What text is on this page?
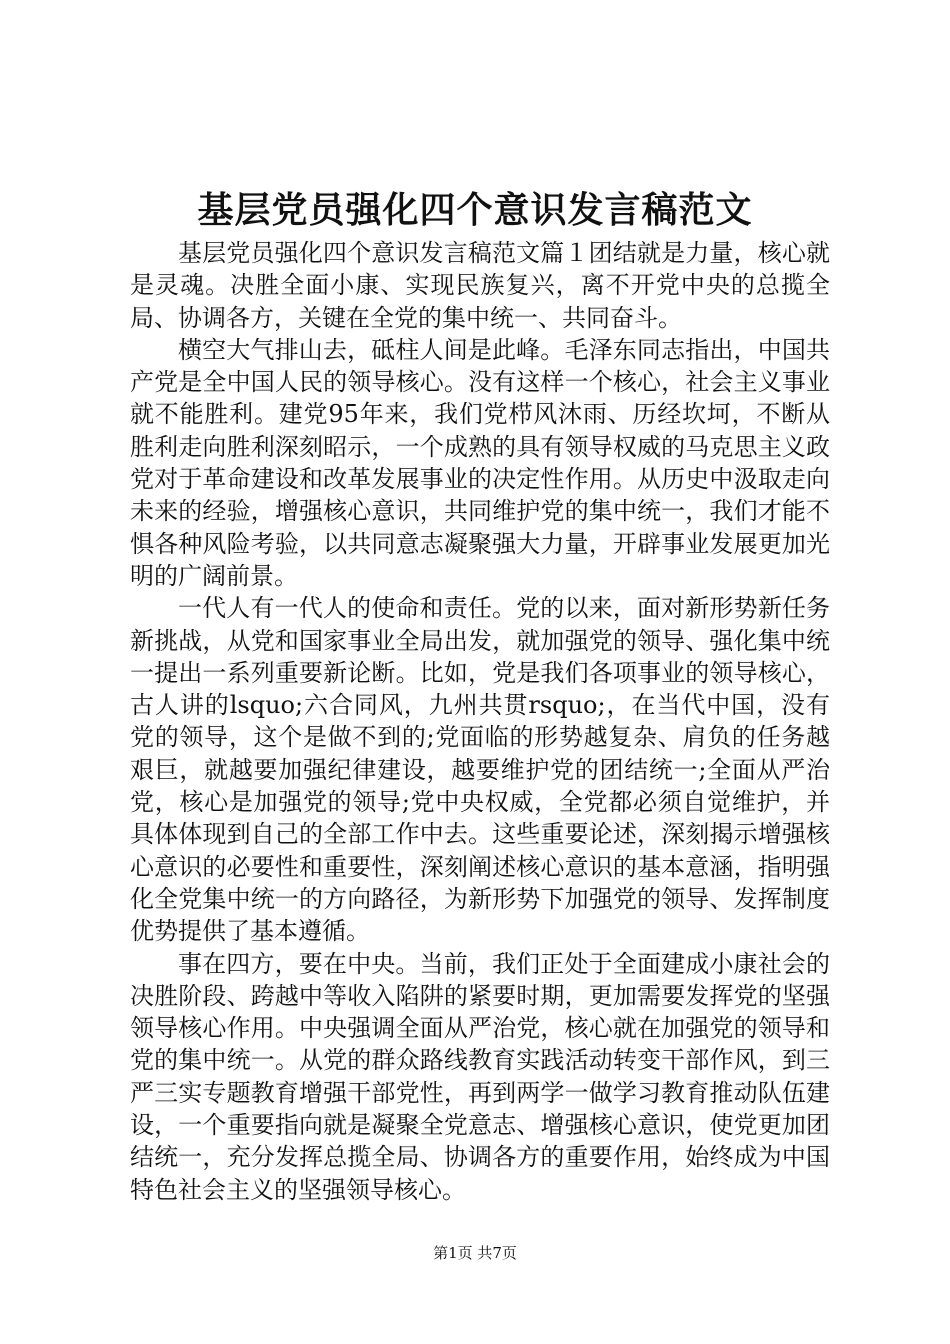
基层党员强化四个意识发言稿范文

基层党员强化四个意识发言稿范文篇１团结就是力量，核心就是灵魂。决胜全面小康、实现民族复兴，离不开党中央的总揽全局、协调各方，关键在全党的集中统一、共同奋斗。

横空大气排山去，砥柱人间是此峰。毛泽东同志指出，中国共产党是全中国人民的领导核心。没有这样一个核心，社会主义事业就不能胜利。建党95年来，我们党栉风沐雨、历经坎坷，不断从胜利走向胜利深刻昭示，一个成熟的具有领导权威的马克思主义政党对于革命建设和改革发展事业的决定性作用。从历史中汲取走向未来的经验，增强核心意识，共同维护党的集中统一，我们才能不惧各种风险考验，以共同意志凝聚强大力量，开辟事业发展更加光明的广阔前景。

一代人有一代人的使命和责任。党的以来，面对新形势新任务新挑战，从党和国家事业全局出发，就加强党的领导、强化集中统一提出一系列重要新论断。比如，党是我们各项事业的领导核心，古人讲的lsquo;六合同风，九州共贯rsquo;，在当代中国，没有党的领导，这个是做不到的;党面临的形势越复杂、肩负的任务越艰巨，就越要加强纪律建设，越要维护党的团结统一;全面从严治党，核心是加强党的领导;党中央权威，全党都必须自觉维护，并具体体现到自己的全部工作中去。这些重要论述，深刻揭示增强核心意识的必要性和重要性，深刻阐述核心意识的基本意涵，指明强化全党集中统一的方向路径，为新形势下加强党的领导、发挥制度优势提供了基本遵循。

事在四方，要在中央。当前，我们正处于全面建成小康社会的决胜阶段、跨越中等收入陷阱的紧要时期，更加需要发挥党的坚强领导核心作用。中央强调全面从严治党，核心就在加强党的领导和党的集中统一。从党的群众路线教育实践活动转变干部作风，到三严三实专题教育增强干部党性，再到两学一做学习教育推动队伍建设，一个重要指向就是凝聚全党意志、增强核心意识，使党更加团结统一，充分发挥总揽全局、协调各方的重要作用，始终成为中国特色社会主义的坚强领导核心。

第1页 共7页
